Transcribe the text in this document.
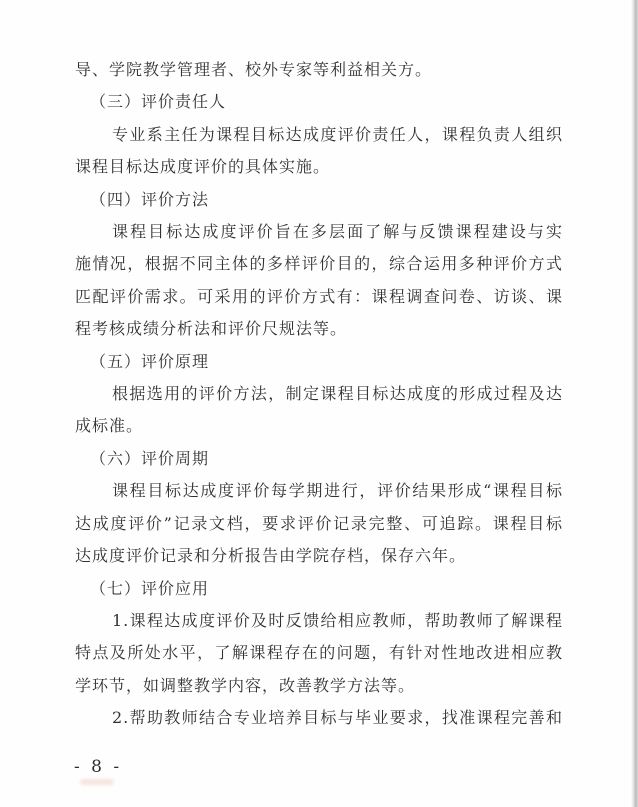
导、学院教学管理者、校外专家等利益相关方。

（三）评价责任人

专业系主任为课程目标达成度评价责任人，课程负责人组织

课程目标达成度评价的具体实施。

（四）评价方法

课程目标达成度评价旨在多层面了解与反馈课程建设与实

施情况，根据不同主体的多样评价目的，综合运用多种评价方式

匹配评价需求。可采用的评价方式有：课程调查问卷、访谈、课

程考核成绩分析法和评价尺规法等。

（五）评价原理

根据选用的评价方法，制定课程目标达成度的形成过程及达

成标准。

（六）评价周期

课程目标达成度评价每学期进行，评价结果形成“课程目标

达成度评价”记录文档，要求评价记录完整、可追踪。课程目标

达成度评价记录和分析报告由学院存档，保存六年。

（七）评价应用

1.课程达成度评价及时反馈给相应教师，帮助教师了解课程

特点及所处水平，了解课程存在的问题，有针对性地改进相应教

学环节，如调整教学内容，改善教学方法等。

2.帮助教师结合专业培养目标与毕业要求，找准课程完善和

- 8 -
